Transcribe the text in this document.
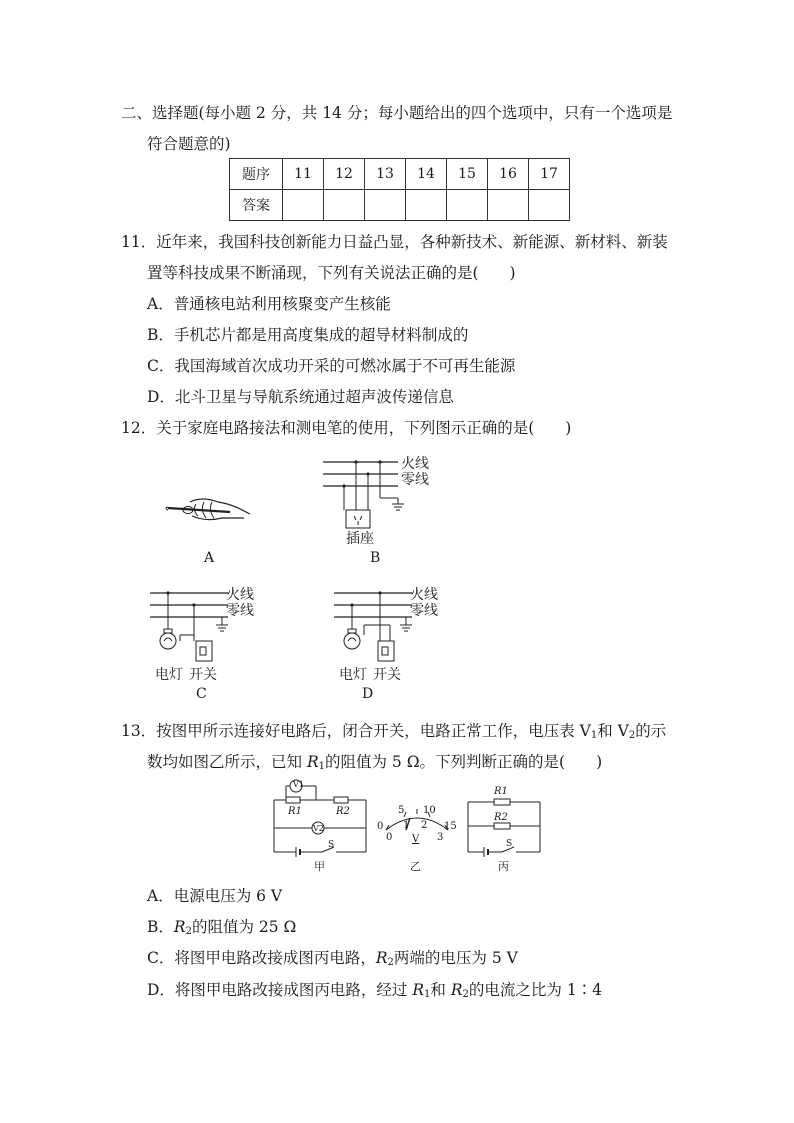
二、选择题(每小题 2 分，共 14 分；每小题给出的四个选项中，只有一个选项是
符合题意的)
题序	11	12	13	14	15	16	17
答案							
11．近年来，我国科技创新能力日益凸显，各种新技术、新能源、新材料、新装
置等科技成果不断涌现，下列有关说法正确的是(　　)
A．普通核电站利用核聚变产生核能
B．手机芯片都是用高度集成的超导材料制成的
C．我国海域首次成功开采的可燃冰属于不可再生能源
D．北斗卫星与导航系统通过超声波传递信息
12．关于家庭电路接法和测电笔的使用，下列图示正确的是(　　)
A
火线
零线
插座
B
火线
零线
电灯 开关
C
火线
零线
电灯 开关
D
13．按图甲所示连接好电路后，闭合开关，电路正常工作，电压表 $V_1$和 $V_2$的示
数均如图乙所示，已知 $R_1$的阻值为 5 Ω。下列判断正确的是(　　)
V1
R1	R2
V2
S
甲
0
5 10
15
0
1 2
3
V
乙
R1
R2
S
丙
A．电源电压为 6 V
B．$R_2$的阻值为 25 Ω
C．将图甲电路改接成图丙电路，$R_2$两端的电压为 5 V
D．将图甲电路改接成图丙电路，经过 $R_1$和 $R_2$的电流之比为 1∶4
